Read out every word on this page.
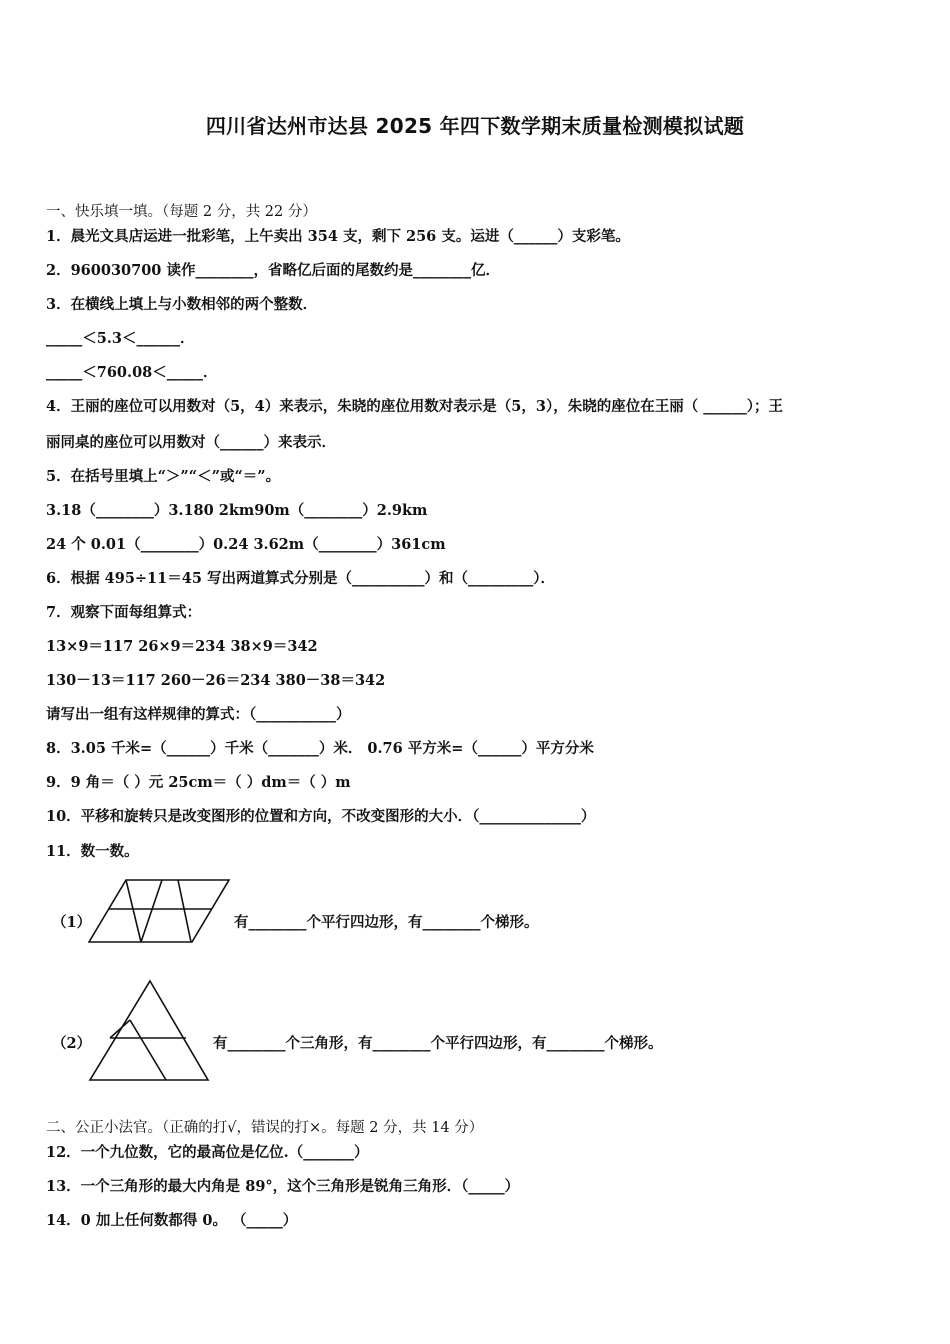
四川省达州市达县 2025 年四下数学期末质量检测模拟试题
一、快乐填一填。（每题 2 分，共 22 分）
1．晨光文具店运进一批彩笔，上午卖出 354 支，剩下 256 支。运进（______）支彩笔。
2．960030700 读作________，省略亿后面的尾数约是________亿．
3．在横线上填上与小数相邻的两个整数．
_____＜5.3＜______．
_____＜760.08＜_____．
4．王丽的座位可以用数对（5，4）来表示，朱晓的座位用数对表示是（5，3），朱晓的座位在王丽（ ______）；王
丽同桌的座位可以用数对（______）来表示．
5．在括号里填上“＞”“＜”或“＝”。
3.18（________）3.180 2km90m（________）2.9km
24 个 0.01（________）0.24 3.62m（________）361cm
6．根据 495÷11＝45 写出两道算式分别是（__________）和（_________）．
7．观察下面每组算式：
13×9＝117 26×9＝234 38×9＝342
130－13＝117 260－26＝234 380－38＝342
请写出一组有这样规律的算式：（___________）
8．3.05 千米=（______）千米（_______）米． 0.76 平方米=（______）平方分米
9．9 角＝（ ）元 25cm＝（ ）dm＝（ ）m
10．平移和旋转只是改变图形的位置和方向，不改变图形的大小．（______________）
11．数一数。
（1）	有________个平行四边形，有________个梯形。
（2）	有________个三角形，有________个平行四边形，有________个梯形。
二、公正小法官。（正确的打√，错误的打×。每题 2 分，共 14 分）
12．一个九位数，它的最高位是亿位.（_______）
13．一个三角形的最大内角是 89°，这个三角形是锐角三角形．（_____）
14．0 加上任何数都得 0。 （_____）
